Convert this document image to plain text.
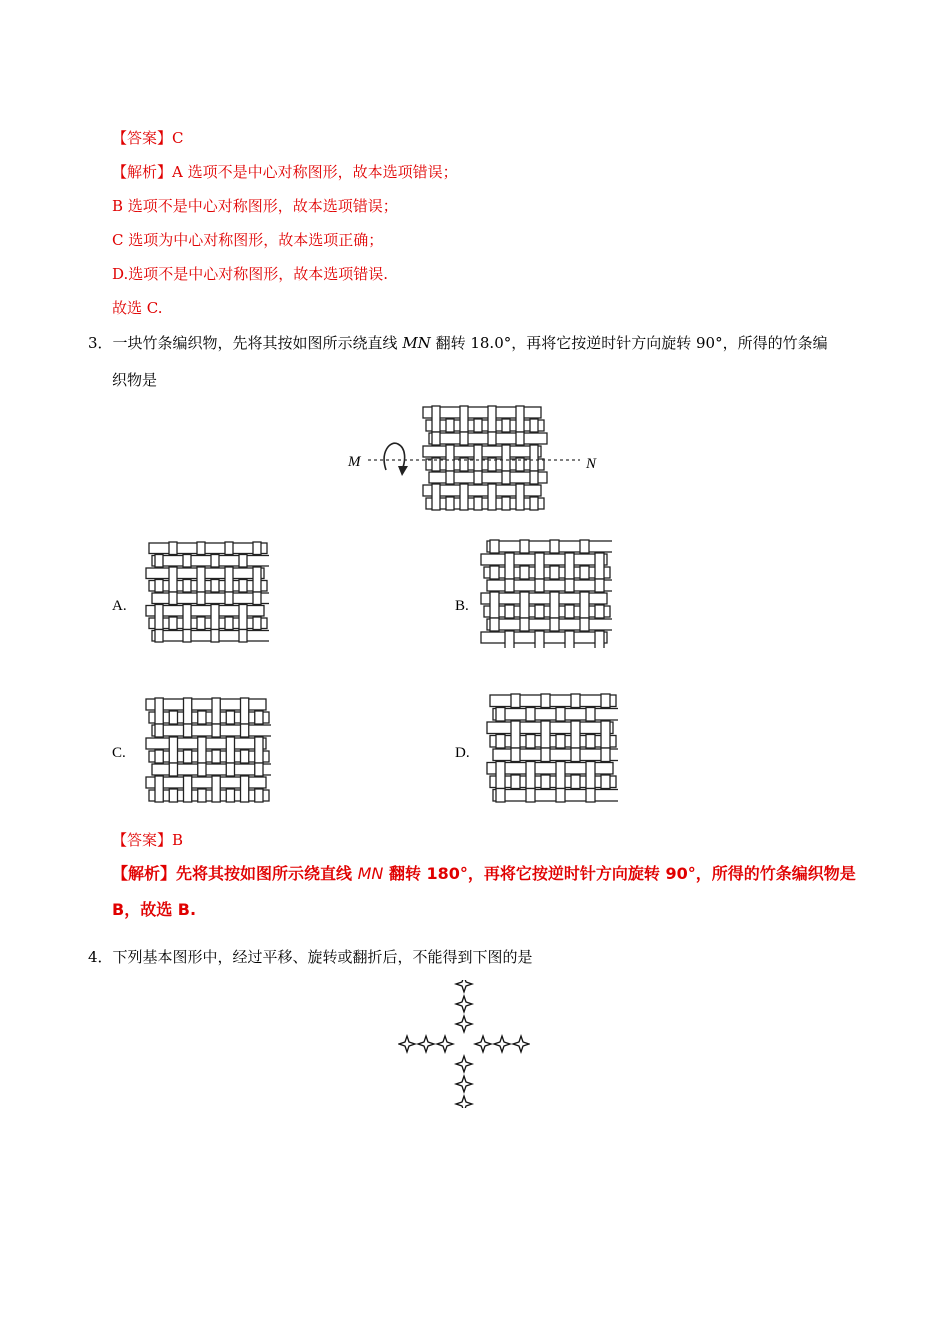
【答案】C
【解析】A 选项不是中心对称图形，故本选项错误；
B 选项不是中心对称图形，故本选项错误；
C 选项为中心对称图形，故本选项正确；
D.选项不是中心对称图形，故本选项错误.
故选 C.
3．一块竹条编织物，先将其按如图所示绕直线 MN 翻转 18.0°，再将它按逆时针方向旋转 90°，所得的竹条编
织物是
M	N
A.	B.
C.	D.
【答案】B
【解析】先将其按如图所示绕直线 MN 翻转 180°，再将它按逆时针方向旋转 90°，所得的竹条编织物是
B，故选 B.
4．下列基本图形中，经过平移、旋转或翻折后，不能得到下图的是
